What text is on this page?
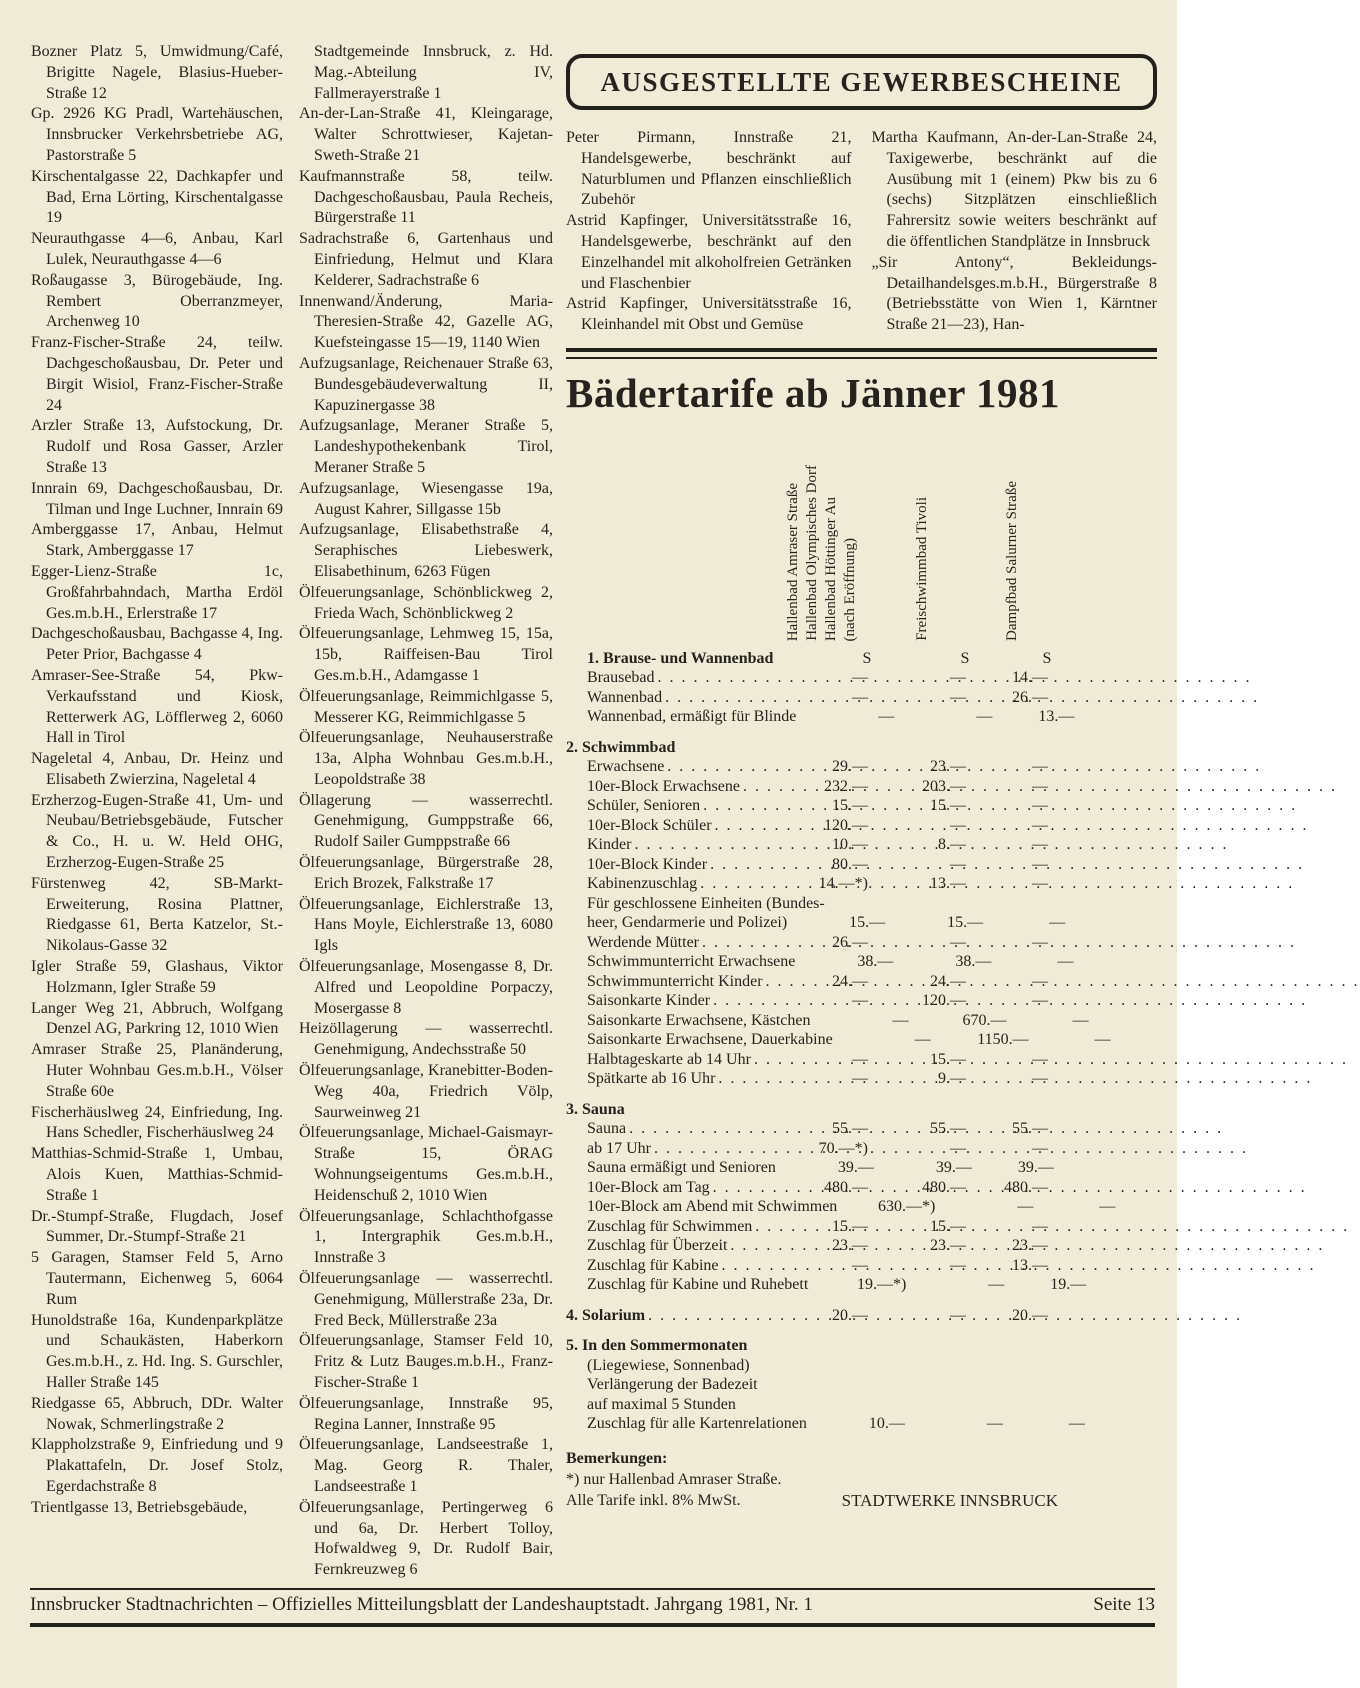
Bozner Platz 5, Umwidmung/Café, Brigitte Nagele, Blasius-Hueber-Straße 12

Gp. 2926 KG Pradl, Wartehäuschen, Innsbrucker Verkehrsbetriebe AG, Pastorstraße 5

Kirschentalgasse 22, Dachkapfer und Bad, Erna Lörting, Kirschentalgasse 19

Neurauthgasse 4—6, Anbau, Karl Lulek, Neurauthgasse 4—6

Roßaugasse 3, Bürogebäude, Ing. Rembert Oberranzmeyer, Archenweg 10

Franz-Fischer-Straße 24, teilw. Dachgeschoßausbau, Dr. Peter und Birgit Wisiol, Franz-Fischer-Straße 24

Arzler Straße 13, Aufstockung, Dr. Rudolf und Rosa Gasser, Arzler Straße 13

Innrain 69, Dachgeschoßausbau, Dr. Tilman und Inge Luchner, Innrain 69

Amberggasse 17, Anbau, Helmut Stark, Amberggasse 17

Egger-Lienz-Straße 1c, Großfahrbahndach, Martha Erdöl Ges.m.b.H., Erlerstraße 17

Dachgeschoßausbau, Bachgasse 4, Ing. Peter Prior, Bachgasse 4

Amraser-See-Straße 54, Pkw-Verkaufsstand und Kiosk, Retterwerk AG, Löfflerweg 2, 6060 Hall in Tirol

Nageletal 4, Anbau, Dr. Heinz und Elisabeth Zwierzina, Nageletal 4

Erzherzog-Eugen-Straße 41, Um- und Neubau/Betriebsgebäude, Futscher & Co., H. u. W. Held OHG, Erzherzog-Eugen-Straße 25

Fürstenweg 42, SB-Markt-Erweiterung, Rosina Plattner, Riedgasse 61, Berta Katzelor, St.-Nikolaus-Gasse 32

Igler Straße 59, Glashaus, Viktor Holzmann, Igler Straße 59

Langer Weg 21, Abbruch, Wolfgang Denzel AG, Parkring 12, 1010 Wien

Amraser Straße 25, Planänderung, Huter Wohnbau Ges.m.b.H., Völser Straße 60e

Fischerhäuslweg 24, Einfriedung, Ing. Hans Schedler, Fischerhäuslweg 24

Matthias-Schmid-Straße 1, Umbau, Alois Kuen, Matthias-Schmid-Straße 1

Dr.-Stumpf-Straße, Flugdach, Josef Summer, Dr.-Stumpf-Straße 21

5 Garagen, Stamser Feld 5, Arno Tautermann, Eichenweg 5, 6064 Rum

Hunoldstraße 16a, Kundenparkplätze und Schaukästen, Haberkorn Ges.m.b.H., z. Hd. Ing. S. Gurschler, Haller Straße 145

Riedgasse 65, Abbruch, DDr. Walter Nowak, Schmerlingstraße 2

Klappholzstraße 9, Einfriedung und 9 Plakattafeln, Dr. Josef Stolz, Egerdachstraße 8

Trientlgasse 13, Betriebsgebäude,

Stadtgemeinde Innsbruck, z. Hd. Mag.-Abteilung IV, Fallmerayerstraße 1

An-der-Lan-Straße 41, Kleingarage, Walter Schrottwieser, Kajetan-Sweth-Straße 21

Kaufmannstraße 58, teilw. Dachgeschoßausbau, Paula Recheis, Bürgerstraße 11

Sadrachstraße 6, Gartenhaus und Einfriedung, Helmut und Klara Kelderer, Sadrachstraße 6

Innenwand/Änderung, Maria-Theresien-Straße 42, Gazelle AG, Kuefsteingasse 15—19, 1140 Wien

Aufzugsanlage, Reichenauer Straße 63, Bundesgebäudeverwaltung II, Kapuzinergasse 38

Aufzugsanlage, Meraner Straße 5, Landeshypothekenbank Tirol, Meraner Straße 5

Aufzugsanlage, Wiesengasse 19a, August Kahrer, Sillgasse 15b

Aufzugsanlage, Elisabethstraße 4, Seraphisches Liebeswerk, Elisabethinum, 6263 Fügen

Ölfeuerungsanlage, Schönblickweg 2, Frieda Wach, Schönblickweg 2

Ölfeuerungsanlage, Lehmweg 15, 15a, 15b, Raiffeisen-Bau Tirol Ges.m.b.H., Adamgasse 1

Ölfeuerungsanlage, Reimmichlgasse 5, Messerer KG, Reimmichlgasse 5

Ölfeuerungsanlage, Neuhauserstraße 13a, Alpha Wohnbau Ges.m.b.H., Leopoldstraße 38

Öllagerung — wasserrechtl. Genehmigung, Gumppstraße 66, Rudolf Sailer Gumppstraße 66

Ölfeuerungsanlage, Bürgerstraße 28, Erich Brozek, Falkstraße 17

Ölfeuerungsanlage, Eichlerstraße 13, Hans Moyle, Eichlerstraße 13, 6080 Igls

Ölfeuerungsanlage, Mosengasse 8, Dr. Alfred und Leopoldine Porpaczy, Mosergasse 8

Heizöllagerung — wasserrechtl. Genehmigung, Andechsstraße 50

Ölfeuerungsanlage, Kranebitter-Boden-Weg 40a, Friedrich Völp, Saurweinweg 21

Ölfeuerungsanlage, Michael-Gaismayr-Straße 15, ÖRAG Wohnungseigentums Ges.m.b.H., Heidenschuß 2, 1010 Wien

Ölfeuerungsanlage, Schlachthofgasse 1, Intergraphik Ges.m.b.H., Innstraße 3

Ölfeuerungsanlage — wasserrechtl. Genehmigung, Müllerstraße 23a, Dr. Fred Beck, Müllerstraße 23a

Ölfeuerungsanlage, Stamser Feld 10, Fritz & Lutz Bauges.m.b.H., Franz-Fischer-Straße 1

Ölfeuerungsanlage, Innstraße 95, Regina Lanner, Innstraße 95

Ölfeuerungsanlage, Landseestraße 1, Mag. Georg R. Thaler, Landseestraße 1

Ölfeuerungsanlage, Pertingerweg 6 und 6a, Dr. Herbert Tolloy, Hofwaldweg 9, Dr. Rudolf Bair, Fernkreuzweg 6

AUSGESTELLTE GEWERBESCHEINE

Peter Pirmann, Innstraße 21, Handelsgewerbe, beschränkt auf Naturblumen und Pflanzen einschließlich Zubehör

Astrid Kapfinger, Universitätsstraße 16, Handelsgewerbe, beschränkt auf den Einzelhandel mit alkoholfreien Getränken und Flaschenbier

Astrid Kapfinger, Universitätsstraße 16, Kleinhandel mit Obst und Gemüse

Martha Kaufmann, An-der-Lan-Straße 24, Taxigewerbe, beschränkt auf die Ausübung mit 1 (einem) Pkw bis zu 6 (sechs) Sitzplätzen einschließlich Fahrersitz sowie weiters beschränkt auf die öffentlichen Standplätze in Innsbruck

„Sir Antony“, Bekleidungs-Detailhandelsges.m.b.H., Bürgerstraße 8 (Betriebsstätte von Wien 1, Kärntner Straße 21—23), Han-

Bädertarife ab Jänner 1981
Hallenbad Amraser Straße Hallenbad Olympisches Dorf Hallenbad Höttinger Au (nach Eröffnung)	Freischwimmbad Tivoli	Dampfbad Salurner Straße
1. Brause- und Wannenbad	S	S	S
Brausebad . . .	—	—	14.—
Wannenbad . . .	—	—	26.—
Wannenbad, ermäßigt für Blinde	—	—	13.—
2. Schwimmbad
Erwachsene . . .	29.—	23.—	—
10er-Block Erwachsene . . .	232.—	203.—	—
Schüler, Senioren . . .	15.—	15.—	—
10er-Block Schüler . . .	120.—	—	—
Kinder . . .	10.—	8.—	—
10er-Block Kinder . . .	80.—	—	—
Kabinenzuschlag . . .	14.—*)	13.—	—
Für geschlossene Einheiten (Bundes-
heer, Gendarmerie und Polizei)	15.—	15.—	—
Werdende Mütter . . .	26.—	—	—
Schwimmunterricht Erwachsene	38.—	38.—	—
Schwimmunterricht Kinder . . .	24.—	24.—	—
Saisonkarte Kinder . . .	—	120.—	—
Saisonkarte Erwachsene, Kästchen	—	670.—	—
Saisonkarte Erwachsene, Dauerkabine	—	1150.—	—
Halbtageskarte ab 14 Uhr . . .	—	15.—	—
Spätkarte ab 16 Uhr . . .	—	9.—	—
3. Sauna
Sauna . . .	55.—	55.—	55.—
ab 17 Uhr . . .	70.—*)	—	—
Sauna ermäßigt und Senioren	39.—	39.—	39.—
10er-Block am Tag . . .	480.—	480.—	480.—
10er-Block am Abend mit Schwimmen	630.—*)	—	—
Zuschlag für Schwimmen . . .	15.—	15.—	—
Zuschlag für Überzeit . . .	23.—	23.—	23.—
Zuschlag für Kabine . . .	—	—	13.—
Zuschlag für Kabine und Ruhebett	19.—*)	—	19.—
4. Solarium . . .	20.—	—	20.—
5. In den Sommermonaten
(Liegewiese, Sonnenbad)
Verlängerung der Badezeit
auf maximal 5 Stunden
Zuschlag für alle Kartenrelationen	10.—	—	—
Bemerkungen:
*) nur Hallenbad Amraser Straße.
Alle Tarife inkl. 8% MwSt.	STADTWERKE INNSBRUCK
Innsbrucker Stadtnachrichten – Offizielles Mitteilungsblatt der Landeshauptstadt. Jahrgang 1981, Nr. 1	Seite 13
